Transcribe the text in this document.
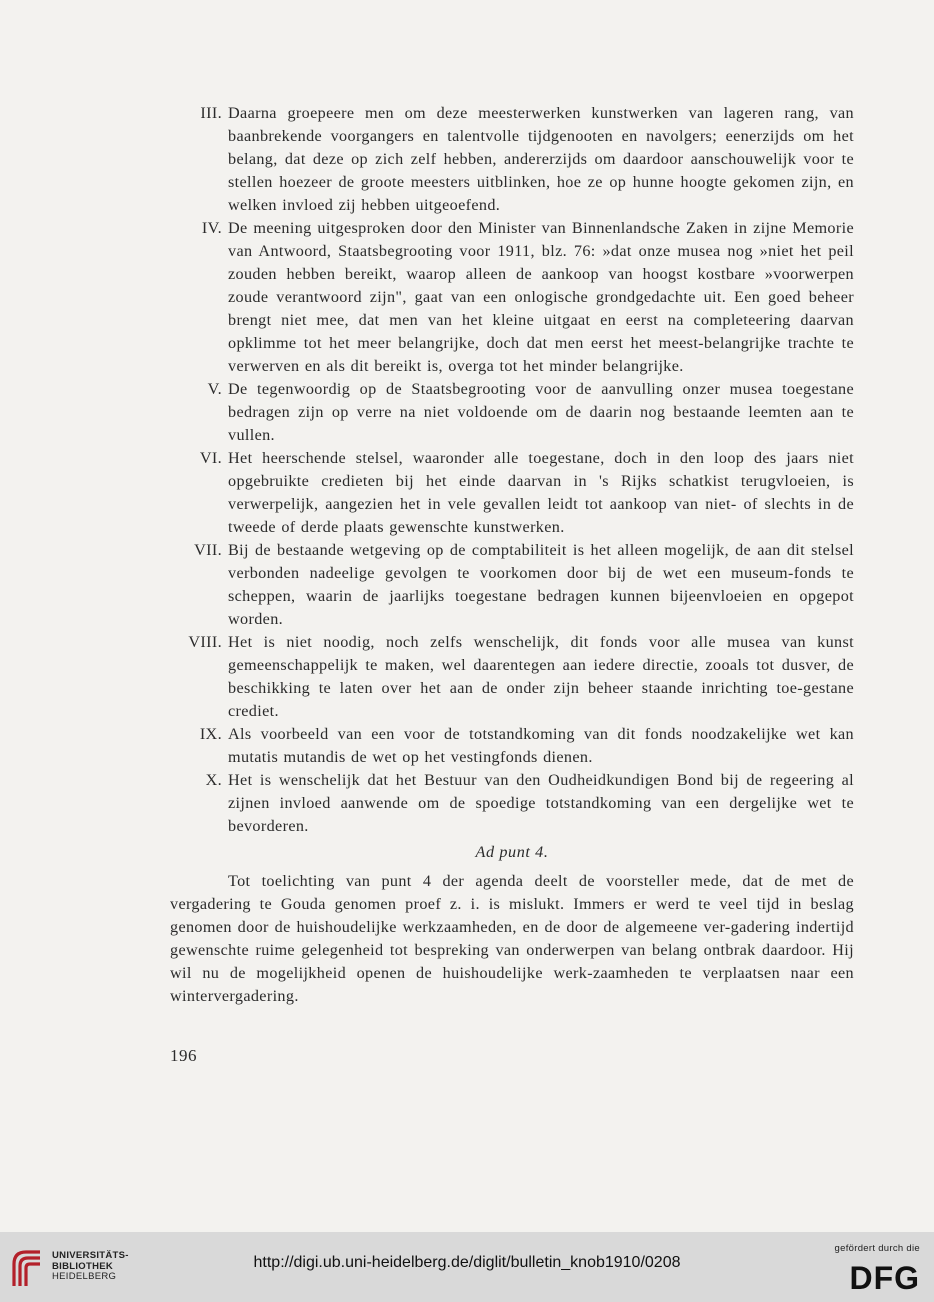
III. Daarna groepeere men om deze meesterwerken kunstwerken van lageren rang, van baanbrekende voorgangers en talentvolle tijdgenooten en navolgers; eenerzijds om het belang, dat deze op zich zelf hebben, andererzijds om daardoor aanschouwelijk voor te stellen hoezeer de groote meesters uitblinken, hoe ze op hunne hoogte gekomen zijn, en welken invloed zij hebben uitgeoefend.
IV. De meening uitgesproken door den Minister van Binnenlandsche Zaken in zijne Memorie van Antwoord, Staatsbegrooting voor 1911, blz. 76: »dat onze musea nog »niet het peil zouden hebben bereikt, waarop alleen de aankoop van hoogst kostbare »voorwerpen zoude verantwoord zijn", gaat van een onlogische grondgedachte uit. Een goed beheer brengt niet mee, dat men van het kleine uitgaat en eerst na completeering daarvan opklimme tot het meer belangrijke, doch dat men eerst het meest-belangrijke trachte te verwerven en als dit bereikt is, overga tot het minder belangrijke.
V. De tegenwoordig op de Staatsbegrooting voor de aanvulling onzer musea toegestane bedragen zijn op verre na niet voldoende om de daarin nog bestaande leemten aan te vullen.
VI. Het heerschende stelsel, waaronder alle toegestane, doch in den loop des jaars niet opgebruikte credieten bij het einde daarvan in 's Rijks schatkist terugvloeien, is verwerpelijk, aangezien het in vele gevallen leidt tot aankoop van niet- of slechts in de tweede of derde plaats gewenschte kunstwerken.
VII. Bij de bestaande wetgeving op de comptabiliteit is het alleen mogelijk, de aan dit stelsel verbonden nadeelige gevolgen te voorkomen door bij de wet een museum-fonds te scheppen, waarin de jaarlijks toegestane bedragen kunnen bijeenvloeien en opgepot worden.
VIII. Het is niet noodig, noch zelfs wenschelijk, dit fonds voor alle musea van kunst gemeenschappelijk te maken, wel daarentegen aan iedere directie, zooals tot dusver, de beschikking te laten over het aan de onder zijn beheer staande inrichting toe-gestane crediet.
IX. Als voorbeeld van een voor de totstandkoming van dit fonds noodzakelijke wet kan mutatis mutandis de wet op het vestingfonds dienen.
X. Het is wenschelijk dat het Bestuur van den Oudheidkundigen Bond bij de regeering al zijnen invloed aanwende om de spoedige totstandkoming van een dergelijke wet te bevorderen.
Ad punt 4.

Tot toelichting van punt 4 der agenda deelt de voorsteller mede, dat de met de vergadering te Gouda genomen proef z. i. is mislukt. Immers er werd te veel tijd in beslag genomen door de huishoudelijke werkzaamheden, en de door de algemeene ver-gadering indertijd gewenschte ruime gelegenheid tot bespreking van onderwerpen van belang ontbrak daardoor. Hij wil nu de mogelijkheid openen de huishoudelijke werk-zaamheden te verplaatsen naar een wintervergadering.

196
UNIVERSITÄTS-
BIBLIOTHEK
HEIDELBERG
http://digi.ub.uni-heidelberg.de/diglit/bulletin_knob1910/0208
gefördert durch die
DFG
